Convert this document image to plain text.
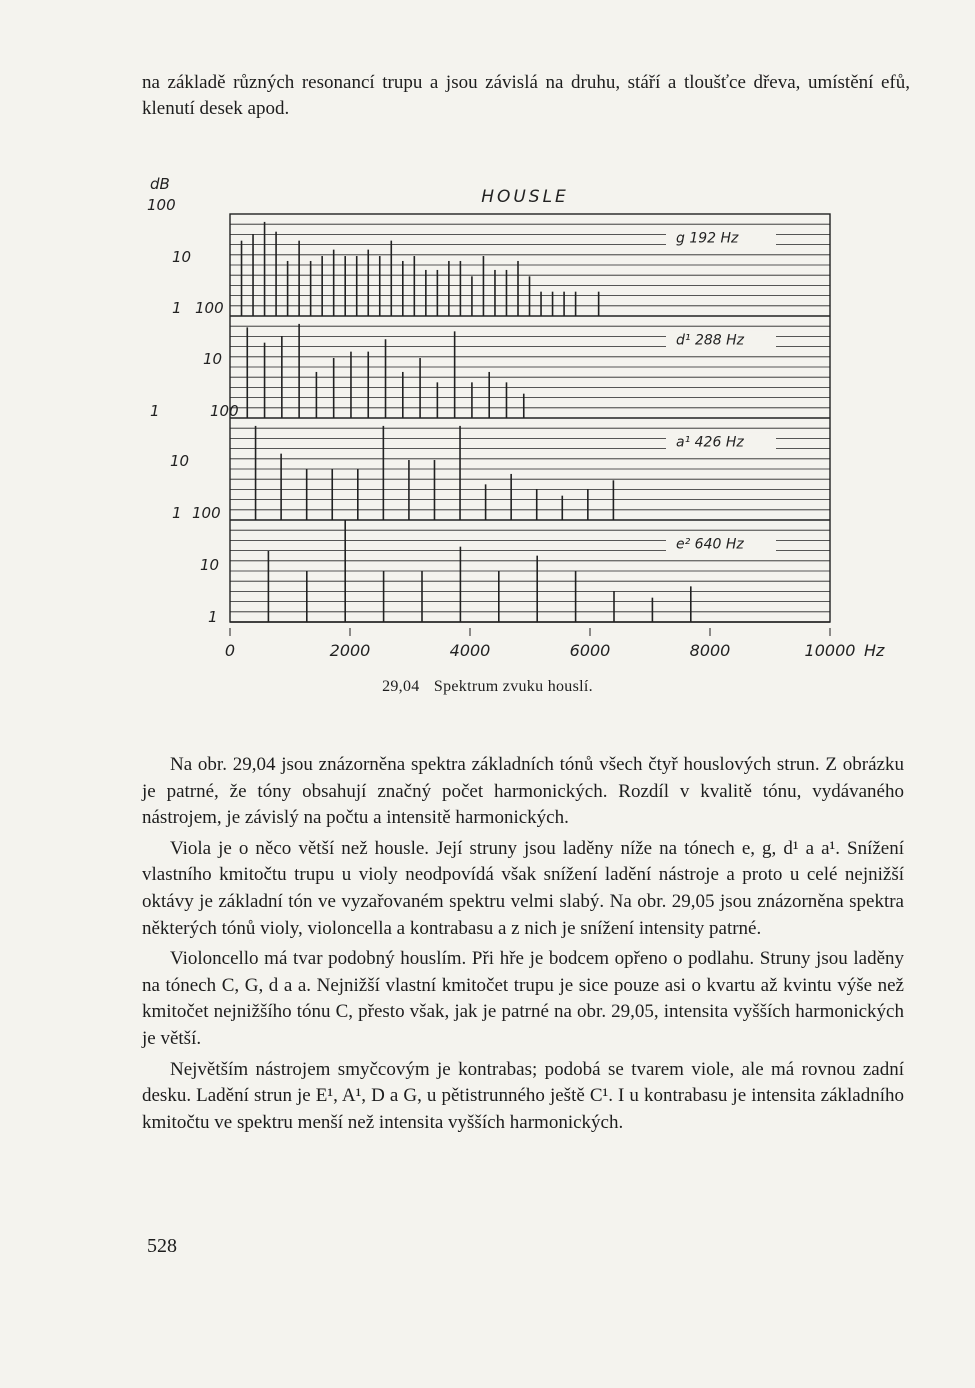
na základě různých resonancí trupu a jsou závislá na druhu, stáří a tloušťce dřeva, umístění efů, klenutí desek apod.
g 192 Hz
d¹ 288 Hz
a¹ 426 Hz
e² 640 Hz
dB
100
10
1 100
10
1	100
10
1 100
10
1
0	2000	4000	6000	8000	10000 Hz
HOUSLE
29,04 Spektrum zvuku houslí.

Na obr. 29,04 jsou znázorněna spektra základních tónů všech čtyř houslových strun. Z obrázku je patrné, že tóny obsahují značný počet harmonických. Rozdíl v kvalitě tónu, vydávaného nástrojem, je závislý na počtu a intensitě harmonických.

Viola je o něco větší než housle. Její struny jsou laděny níže na tónech e, g, d¹ a a¹. Snížení vlastního kmitočtu trupu u violy neodpovídá však snížení ladění nástroje a proto u celé nejnižší oktávy je základní tón ve vyzařovaném spektru velmi slabý. Na obr. 29,05 jsou znázorněna spektra některých tónů violy, violoncella a kontrabasu a z nich je snížení intensity patrné.

Violoncello má tvar podobný houslím. Při hře je bodcem opřeno o podlahu. Struny jsou laděny na tónech C, G, d a a. Nejnižší vlastní kmitočet trupu je sice pouze asi o kvartu až kvintu výše než kmitočet nejnižšího tónu C, přesto však, jak je patrné na obr. 29,05, intensita vyšších harmonických je větší.

Největším nástrojem smyčcovým je kontrabas; podobá se tvarem viole, ale má rovnou zadní desku. Ladění strun je E¹, A¹, D a G, u pětistrunného ještě C¹. I u kontrabasu je intensita základního kmitočtu ve spektru menší než intensita vyšších harmonických.

528
